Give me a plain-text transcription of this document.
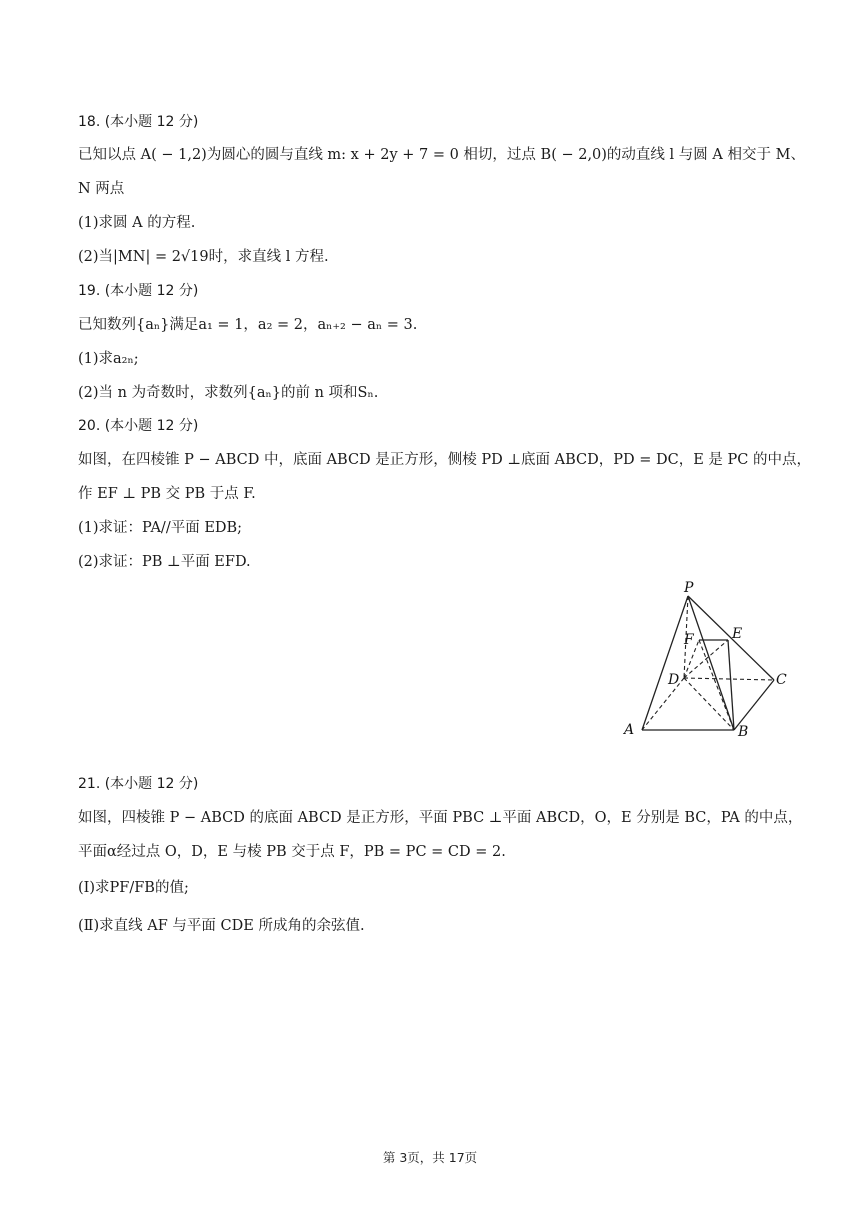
18. (本小题 12 分)
已知以点 A( − 1,2)为圆心的圆与直线 m: x + 2y + 7 = 0 相切，过点 B( − 2,0)的动直线 l 与圆 A 相交于 M、
N 两点
(1)求圆 A 的方程.
(2)当|MN| = 2√19时，求直线 l 方程.
19. (本小题 12 分)
已知数列{aₙ}满足a₁ = 1，a₂ = 2，aₙ₊₂ − aₙ = 3.
(1)求a₂ₙ;
(2)当 n 为奇数时，求数列{aₙ}的前 n 项和Sₙ.
20. (本小题 12 分)
如图，在四棱锥 P − ABCD 中，底面 ABCD 是正方形，侧棱 PD ⊥底面 ABCD，PD = DC，E 是 PC 的中点，
作 EF ⊥ PB 交 PB 于点 F.
(1)求证：PA//平面 EDB;
(2)求证：PB ⊥平面 EFD.
P
F	E
D	C
A	B
21. (本小题 12 分)
如图，四棱锥 P − ABCD 的底面 ABCD 是正方形，平面 PBC ⊥平面 ABCD，O，E 分别是 BC，PA 的中点，
平面α经过点 O，D，E 与棱 PB 交于点 F，PB = PC = CD = 2.
(Ⅰ)求PF/FB的值;
(Ⅱ)求直线 AF 与平面 CDE 所成角的余弦值.
第 3页，共 17页
